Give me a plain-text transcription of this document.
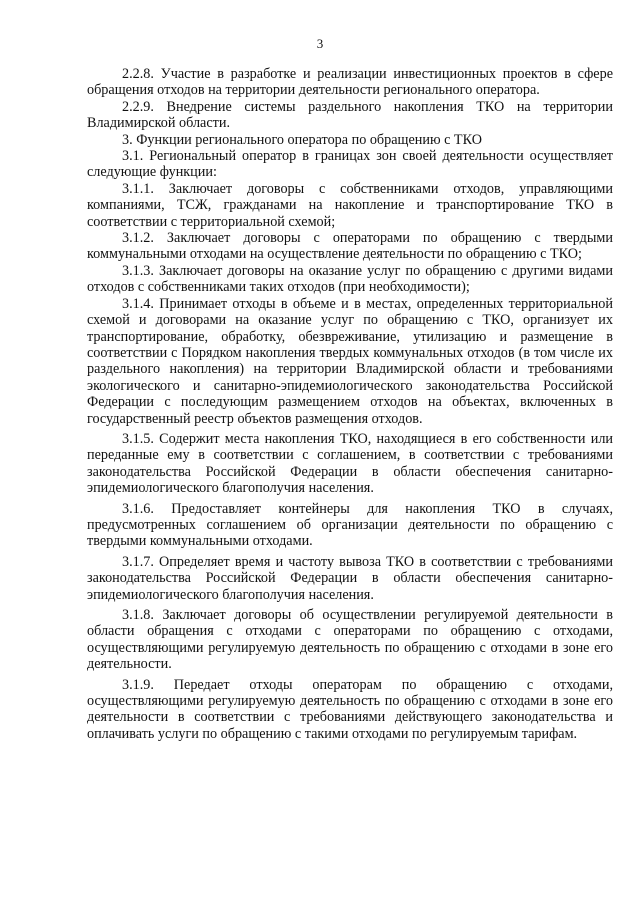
3

2.2.8. Участие в разработке и реализации инвестиционных проектов в сфере обращения отходов на территории деятельности регионального оператора.

2.2.9. Внедрение системы раздельного накопления ТКО на территории Владимирской области.

3. Функции регионального оператора по обращению с ТКО

3.1. Региональный оператор в границах зон своей деятельности осуществляет следующие функции:

3.1.1. Заключает договоры с собственниками отходов, управляющими компаниями, ТСЖ, гражданами на накопление и транспортирование ТКО в соответствии с территориальной схемой;

3.1.2. Заключает договоры с операторами по обращению с твердыми коммунальными отходами на осуществление деятельности по обращению с ТКО;

3.1.3. Заключает договоры на оказание услуг по обращению с другими видами отходов с собственниками таких отходов (при необходимости);

3.1.4. Принимает отходы в объеме и в местах, определенных территориальной схемой и договорами на оказание услуг по обращению с ТКО, организует их транспортирование, обработку, обезвреживание, утилизацию и размещение в соответствии с Порядком накопления твердых коммунальных отходов (в том числе их раздельного накопления) на территории Владимирской области и требованиями экологического и санитарно-эпидемиологического законодательства Российской Федерации с последующим размещением отходов на объектах, включенных в государственный реестр объектов размещения отходов.

3.1.5. Содержит места накопления ТКО, находящиеся в его собственности или переданные ему в соответствии с соглашением, в соответствии с требованиями законодательства Российской Федерации в области обеспечения санитарно-эпидемиологического благополучия населения.

3.1.6. Предоставляет контейнеры для накопления ТКО в случаях, предусмотренных соглашением об организации деятельности по обращению с твердыми коммунальными отходами.

3.1.7. Определяет время и частоту вывоза ТКО в соответствии с требованиями законодательства Российской Федерации в области обеспечения санитарно-эпидемиологического благополучия населения.

3.1.8. Заключает договоры об осуществлении регулируемой деятельности в области обращения с отходами с операторами по обращению с отходами, осуществляющими регулируемую деятельность по обращению с отходами в зоне его деятельности.

3.1.9. Передает отходы операторам по обращению с отходами, осуществляющими регулируемую деятельность по обращению с отходами в зоне его деятельности в соответствии с требованиями действующего законодательства и оплачивать услуги по обращению с такими отходами по регулируемым тарифам.
